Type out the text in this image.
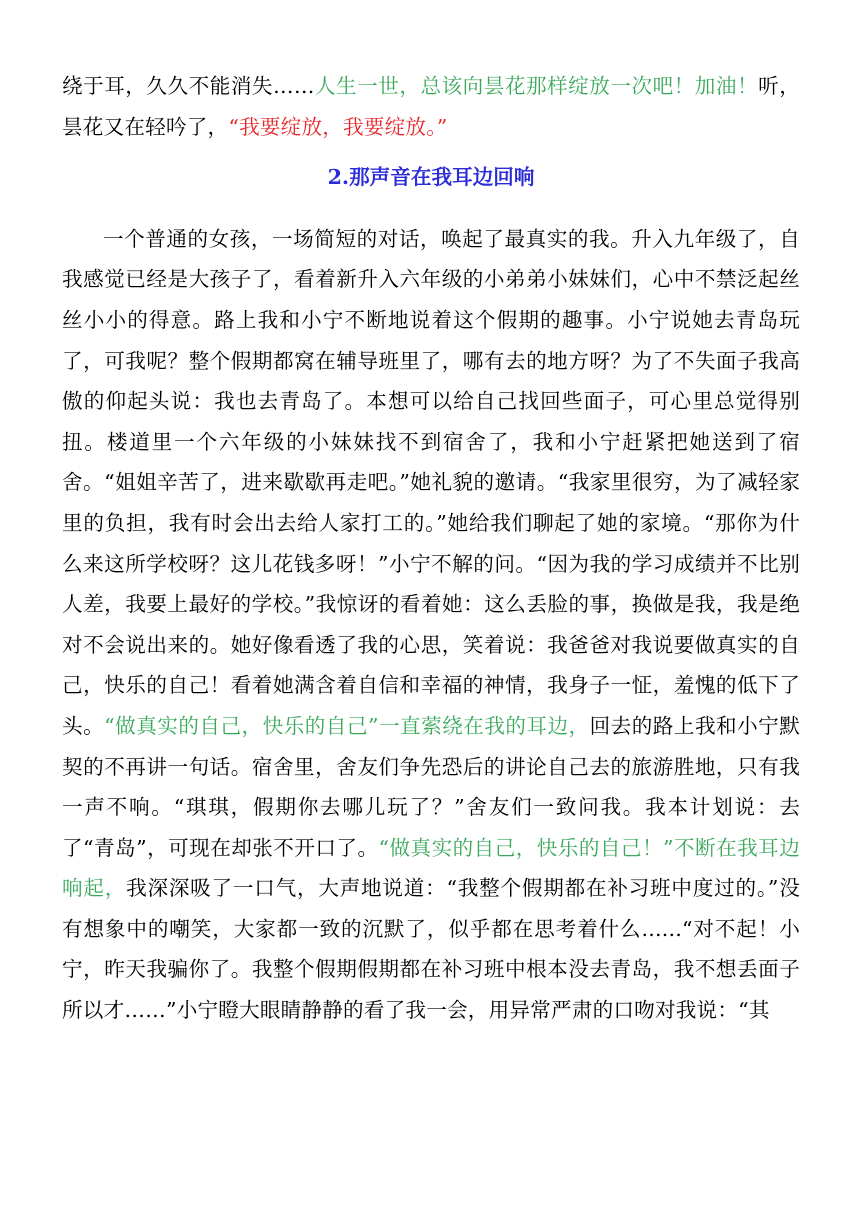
绕于耳，久久不能消失……人生一世，总该向昙花那样绽放一次吧！加油！听，昙花又在轻吟了，“我要绽放，我要绽放。”

2.那声音在我耳边回响

一个普通的女孩，一场简短的对话，唤起了最真实的我。升入九年级了，自我感觉已经是大孩子了，看着新升入六年级的小弟弟小妹妹们，心中不禁泛起丝丝小小的得意。路上我和小宁不断地说着这个假期的趣事。小宁说她去青岛玩了，可我呢？整个假期都窝在辅导班里了，哪有去的地方呀？为了不失面子我高傲的仰起头说：我也去青岛了。本想可以给自己找回些面子，可心里总觉得别扭。楼道里一个六年级的小妹妹找不到宿舍了，我和小宁赶紧把她送到了宿舍。“姐姐辛苦了，进来歇歇再走吧。”她礼貌的邀请。“我家里很穷，为了减轻家里的负担，我有时会出去给人家打工的。”她给我们聊起了她的家境。“那你为什么来这所学校呀？这儿花钱多呀！”小宁不解的问。“因为我的学习成绩并不比别人差，我要上最好的学校。”我惊讶的看着她：这么丢脸的事，换做是我，我是绝对不会说出来的。她好像看透了我的心思，笑着说：我爸爸对我说要做真实的自己，快乐的自己！看着她满含着自信和幸福的神情，我身子一怔，羞愧的低下了头。“做真实的自己，快乐的自己”一直萦绕在我的耳边，回去的路上我和小宁默契的不再讲一句话。宿舍里，舍友们争先恐后的讲论自己去的旅游胜地，只有我一声不响。“琪琪，假期你去哪儿玩了？”舍友们一致问我。我本计划说：去了“青岛”，可现在却张不开口了。“做真实的自己，快乐的自己！”不断在我耳边响起，我深深吸了一口气，大声地说道：“我整个假期都在补习班中度过的。”没有想象中的嘲笑，大家都一致的沉默了，似乎都在思考着什么......“对不起！小宁，昨天我骗你了。我整个假期假期都在补习班中根本没去青岛，我不想丢面子所以才……”小宁瞪大眼睛静静的看了我一会，用异常严肃的口吻对我说：“其
